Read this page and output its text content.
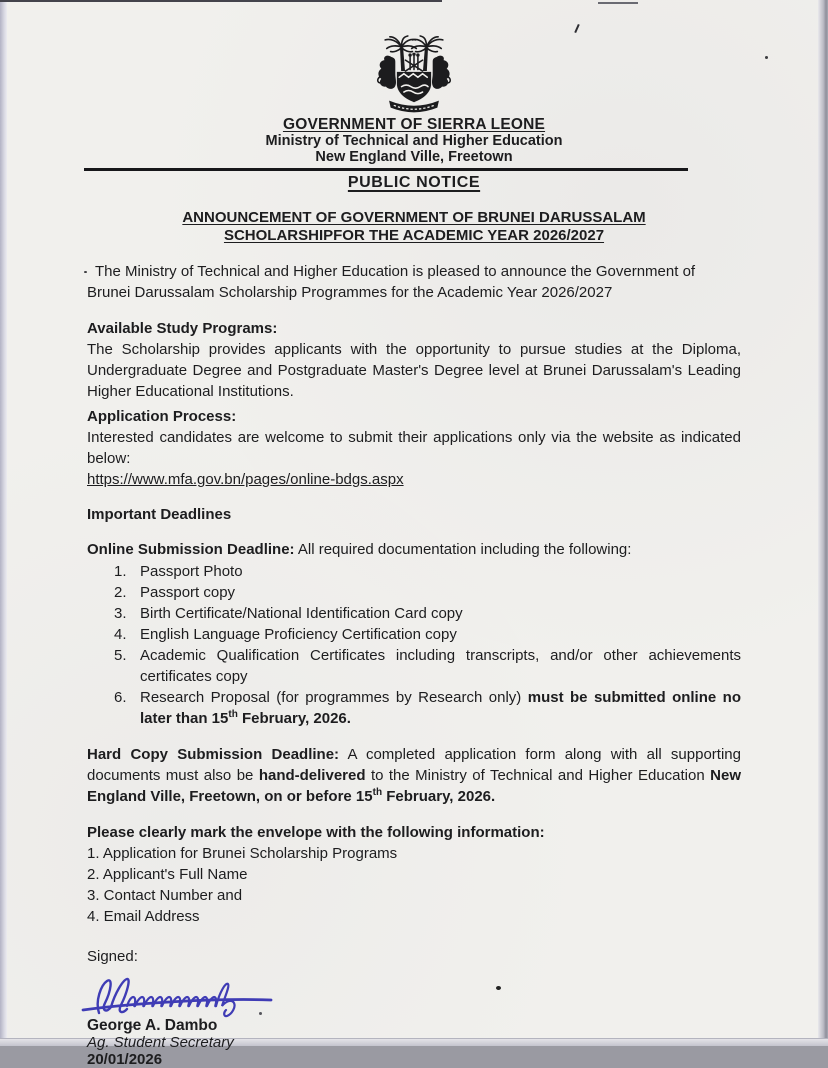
GOVERNMENT OF SIERRA LEONE
Ministry of Technical and Higher Education
New England Ville, Freetown
PUBLIC NOTICE
ANNOUNCEMENT OF GOVERNMENT OF BRUNEI DARUSSALAM
SCHOLARSHIPFOR THE ACADEMIC YEAR 2026/2027

The Ministry of Technical and Higher Education is pleased to announce the Government of Brunei Darussalam Scholarship Programmes for the Academic Year 2026/2027

Available Study Programs:

The Scholarship provides applicants with the opportunity to pursue studies at the Diploma, Undergraduate Degree and Postgraduate Master's Degree level at Brunei Darussalam's Leading Higher Educational Institutions.

Application Process:

Interested candidates are welcome to submit their applications only via the website as indicated below:

https://www.mfa.gov.bn/pages/online-bdgs.aspx
Important Deadlines

Online Submission Deadline: All required documentation including the following:

1. Passport Photo
2. Passport copy
3. Birth Certificate/National Identification Card copy
4. English Language Proficiency Certification copy
5. Academic Qualification Certificates including transcripts, and/or other achievements certificates copy
6. Research Proposal (for programmes by Research only) must be submitted online no later than 15th February, 2026.

Hard Copy Submission Deadline: A completed application form along with all supporting documents must also be hand-delivered to the Ministry of Technical and Higher Education New England Ville, Freetown, on or before 15th February, 2026.

Please clearly mark the envelope with the following information:
1. Application for Brunei Scholarship Programs
2. Applicant's Full Name
3. Contact Number and
4. Email Address
Signed:
George A. Dambo
Ag. Student Secretary
20/01/2026
